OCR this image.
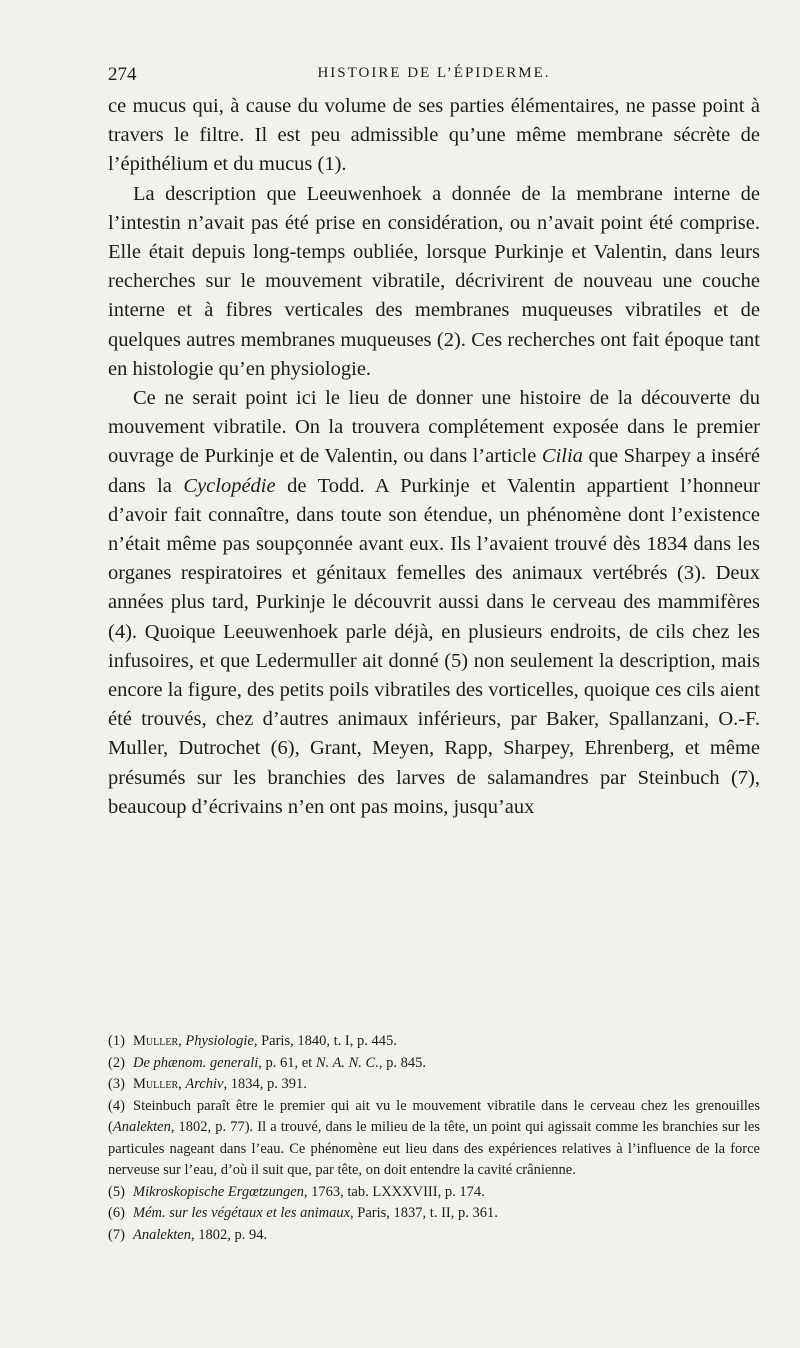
274	HISTOIRE DE L’ÉPIDERME.

ce mucus qui, à cause du volume de ses parties élémentaires, ne passe point à travers le filtre. Il est peu admissible qu’une même membrane sécrète de l’épithélium et du mucus (1).

La description que Leeuwenhoek a donnée de la membrane interne de l’intestin n’avait pas été prise en considération, ou n’avait point été comprise. Elle était depuis long-temps oubliée, lorsque Purkinje et Valentin, dans leurs recherches sur le mouvement vibratile, décrivirent de nouveau une couche interne et à fibres verticales des membranes muqueuses vibratiles et de quelques autres membranes muqueuses (2). Ces recherches ont fait époque tant en histologie qu’en physiologie.

Ce ne serait point ici le lieu de donner une histoire de la découverte du mouvement vibratile. On la trouvera complétement exposée dans le premier ouvrage de Purkinje et de Valentin, ou dans l’article Cilia que Sharpey a inséré dans la Cyclopédie de Todd. A Purkinje et Valentin appartient l’honneur d’avoir fait connaître, dans toute son étendue, un phénomène dont l’existence n’était même pas soupçonnée avant eux. Ils l’avaient trouvé dès 1834 dans les organes respiratoires et génitaux femelles des animaux vertébrés (3). Deux années plus tard, Purkinje le découvrit aussi dans le cerveau des mammifères (4). Quoique Leeuwenhoek parle déjà, en plusieurs endroits, de cils chez les infusoires, et que Ledermuller ait donné (5) non seulement la description, mais encore la figure, des petits poils vibratiles des vorticelles, quoique ces cils aient été trouvés, chez d’autres animaux inférieurs, par Baker, Spallanzani, O.-F. Muller, Dutrochet (6), Grant, Meyen, Rapp, Sharpey, Ehrenberg, et même présumés sur les branchies des larves de salamandres par Steinbuch (7), beaucoup d’écrivains n’en ont pas moins, jusqu’aux

(1) Muller, Physiologie, Paris, 1840, t. I, p. 445.

(2) De phænom. generali, p. 61, et N. A. N. C., p. 845.

(3) Muller, Archiv, 1834, p. 391.

(4) Steinbuch paraît être le premier qui ait vu le mouvement vibratile dans le cerveau chez les grenouilles (Analekten, 1802, p. 77). Il a trouvé, dans le milieu de la tête, un point qui agissait comme les branchies sur les particules nageant dans l’eau. Ce phénomène eut lieu dans des expériences relatives à l’influence de la force nerveuse sur l’eau, d’où il suit que, par tête, on doit entendre la cavité crânienne.

(5) Mikroskopische Ergœtzungen, 1763, tab. LXXXVIII, p. 174.

(6) Mém. sur les végétaux et les animaux, Paris, 1837, t. II, p. 361.

(7) Analekten, 1802, p. 94.
